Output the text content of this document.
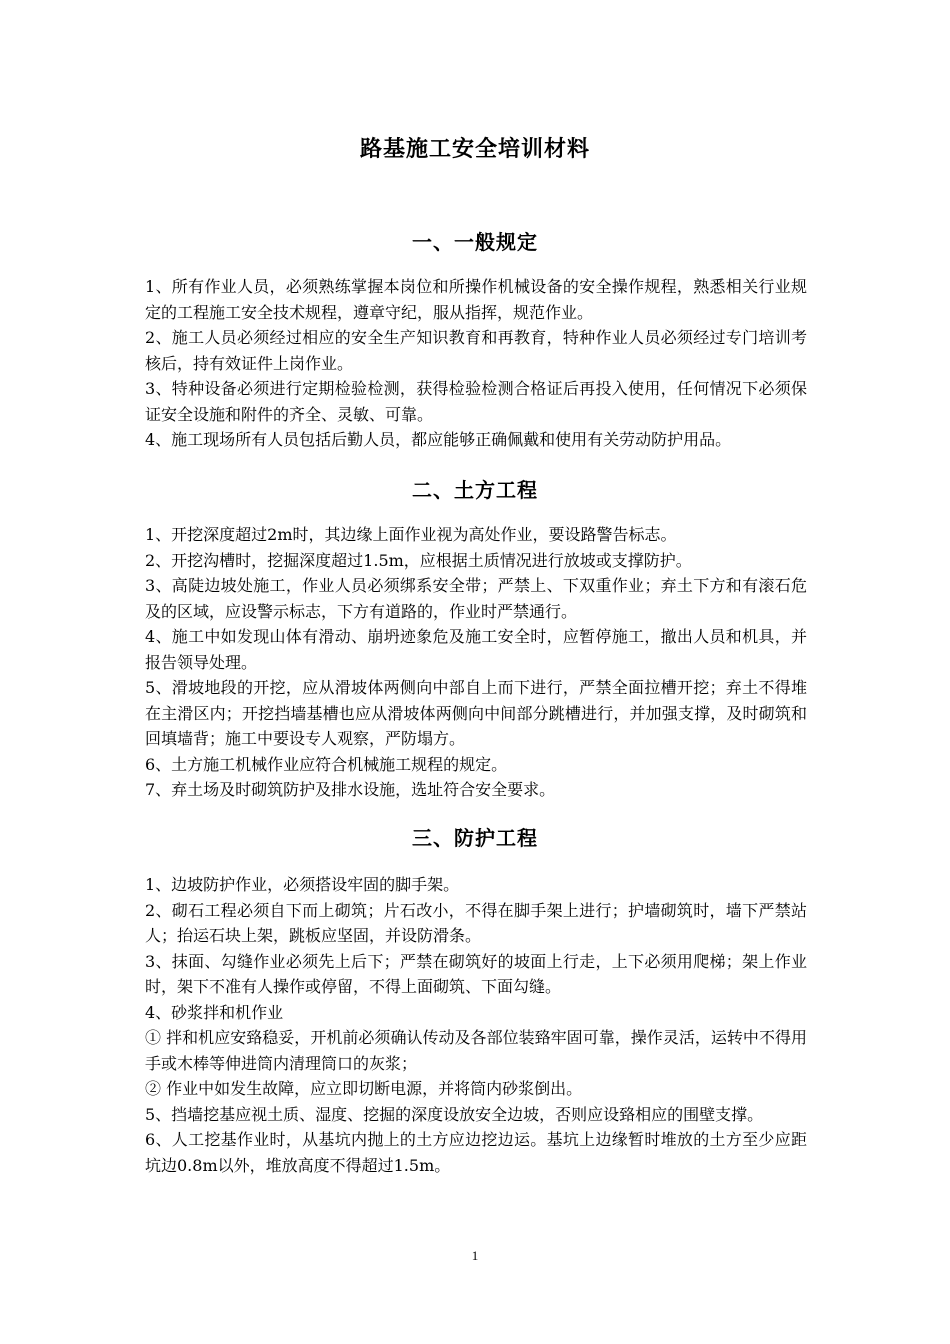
路基施工安全培训材料
一、一般规定

1、所有作业人员，必须熟练掌握本岗位和所操作机械设备的安全操作规程，熟悉相关行业规定的工程施工安全技术规程，遵章守纪，服从指挥，规范作业。

2、施工人员必须经过相应的安全生产知识教育和再教育，特种作业人员必须经过专门培训考核后，持有效证件上岗作业。

3、特种设备必须进行定期检验检测，获得检验检测合格证后再投入使用，任何情况下必须保证安全设施和附件的齐全、灵敏、可靠。

4、施工现场所有人员包括后勤人员，都应能够正确佩戴和使用有关劳动防护用品。

二、土方工程

1、开挖深度超过2m时，其边缘上面作业视为高处作业，要设路警告标志。

2、开挖沟槽时，挖掘深度超过1.5m，应根据土质情况进行放坡或支撑防护。

3、高陡边坡处施工，作业人员必须绑系安全带；严禁上、下双重作业；弃土下方和有滚石危及的区域，应设警示标志，下方有道路的，作业时严禁通行。

4、施工中如发现山体有滑动、崩坍迹象危及施工安全时，应暂停施工，撤出人员和机具，并报告领导处理。

5、滑坡地段的开挖，应从滑坡体两侧向中部自上而下进行，严禁全面拉槽开挖；弃土不得堆在主滑区内；开挖挡墙基槽也应从滑坡体两侧向中间部分跳槽进行，并加强支撑，及时砌筑和回填墙背；施工中要设专人观察，严防塌方。

6、土方施工机械作业应符合机械施工规程的规定。

7、弃土场及时砌筑防护及排水设施，选址符合安全要求。

三、防护工程

1、边坡防护作业，必须搭设牢固的脚手架。

2、砌石工程必须自下而上砌筑；片石改小，不得在脚手架上进行；护墙砌筑时，墙下严禁站人；抬运石块上架，跳板应坚固，并设防滑条。

3、抹面、勾缝作业必须先上后下；严禁在砌筑好的坡面上行走，上下必须用爬梯；架上作业时，架下不准有人操作或停留，不得上面砌筑、下面勾缝。

4、砂浆拌和机作业

① 拌和机应安臵稳妥，开机前必须确认传动及各部位装臵牢固可靠，操作灵活，运转中不得用手或木棒等伸进筒内清理筒口的灰浆；

② 作业中如发生故障，应立即切断电源，并将筒内砂浆倒出。

5、挡墙挖基应视土质、湿度、挖掘的深度设放安全边坡，否则应设臵相应的围壁支撑。

6、人工挖基作业时，从基坑内抛上的土方应边挖边运。基坑上边缘暂时堆放的土方至少应距坑边0.8m以外，堆放高度不得超过1.5m。

1
